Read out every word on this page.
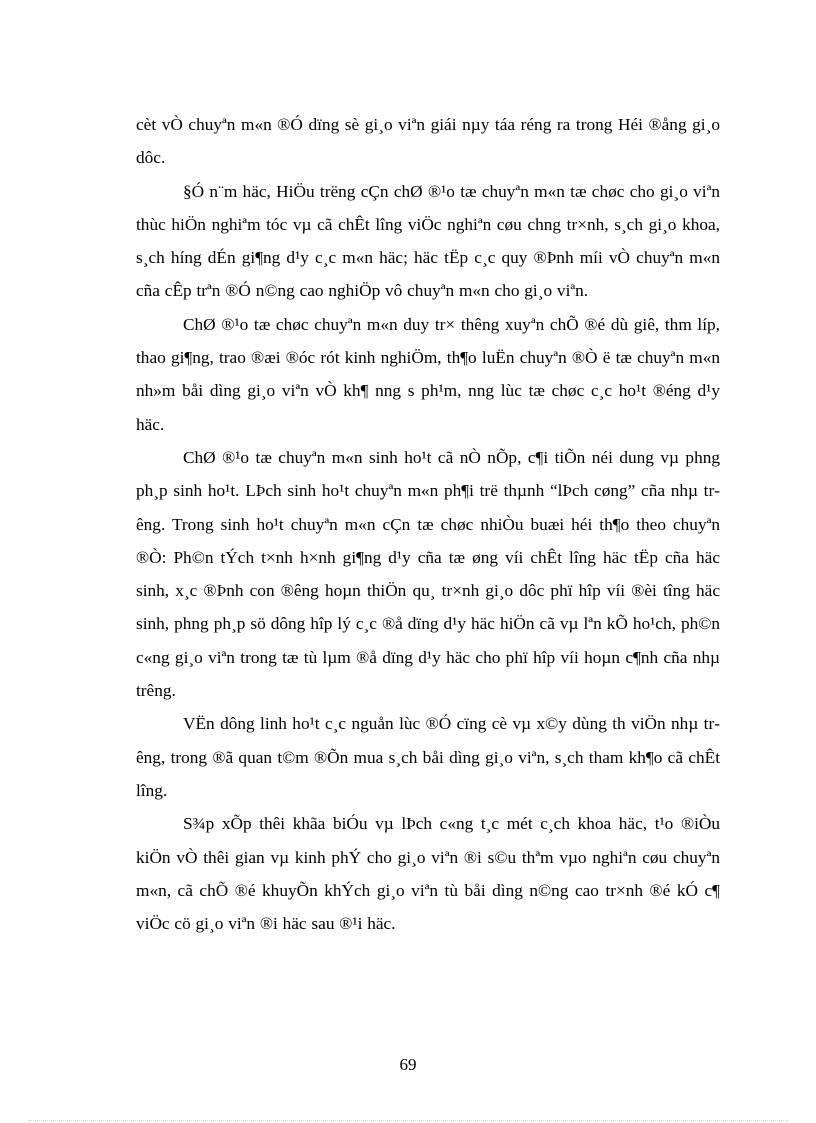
cèt vÒ chuyªn m«n ®Ó dïng sè gi¸o viªn giái nµy táa réng ra trong Héi ®ång gi¸o dôc.

§Ó n¨m häc, HiÖu trëng cÇn chØ ®¹o tæ chuyªn m«n tæ chøc cho gi¸o viªn thùc hiÖn nghiªm tóc vµ cã chÊt lîng viÖc nghiªn cøu chng tr×nh, s¸ch gi¸o khoa, s¸ch híng dÉn gi¶ng d¹y c¸c m«n häc; häc tËp c¸c quy ®Þnh míi vÒ chuyªn m«n cña cÊp trªn ®Ó n©ng cao nghiÖp vô chuyªn m«n cho gi¸o viªn.

ChØ ®¹o tæ chøc chuyªn m«n duy tr× thêng xuyªn chÕ ®é dù giê, thm líp, thao gi¶ng, trao ®æi ®óc rót kinh nghiÖm, th¶o luËn chuyªn ®Ò ë tæ chuyªn m«n nh»m båi dìng gi¸o viªn vÒ kh¶ nng s ph¹m, nng lùc tæ chøc c¸c ho¹t ®éng d¹y häc.

ChØ ®¹o tæ chuyªn m«n sinh ho¹t cã nÒ nÕp, c¶i tiÕn néi dung vµ phng ph¸p sinh ho¹t. LÞch sinh ho¹t chuyªn m«n ph¶i trë thµnh “lÞch cøng” cña nhµ trêng. Trong sinh ho¹t chuyªn m«n cÇn tæ chøc nhiÒu buæi héi th¶o theo chuyªn ®Ò: Ph©n tÝch t×nh h×nh gi¶ng d¹y cña tæ øng víi chÊt lîng häc tËp cña häc sinh, x¸c ®Þnh con ®êng hoµn thiÖn qu¸ tr×nh gi¸o dôc phï hîp víi ®èi tîng häc sinh, phng ph¸p sö dông hîp lý c¸c ®å dïng d¹y häc hiÖn cã vµ lªn kÕ ho¹ch, ph©n c«ng gi¸o viªn trong tæ tù lµm ®å dïng d¹y häc cho phï hîp víi hoµn c¶nh cña nhµ trêng.

VËn dông linh ho¹t c¸c nguån lùc ®Ó cïng cè vµ x©y dùng th viÖn nhµ trêng, trong ®ã quan t©m ®Õn mua s¸ch båi dìng gi¸o viªn, s¸ch tham kh¶o cã chÊt lîng.

S¾p xÕp thêi khãa biÓu vµ lÞch c«ng t¸c mét c¸ch khoa häc, t¹o ®iÒu kiÖn vÒ thêi gian vµ kinh phÝ cho gi¸o viªn ®i s©u thªm vµo nghiªn cøu chuyªn m«n, cã chÕ ®é khuyÕn khÝch gi¸o viªn tù båi dìng n©ng cao tr×nh ®é kÓ c¶ viÖc cö gi¸o viªn ®i häc sau ®¹i häc.

69
